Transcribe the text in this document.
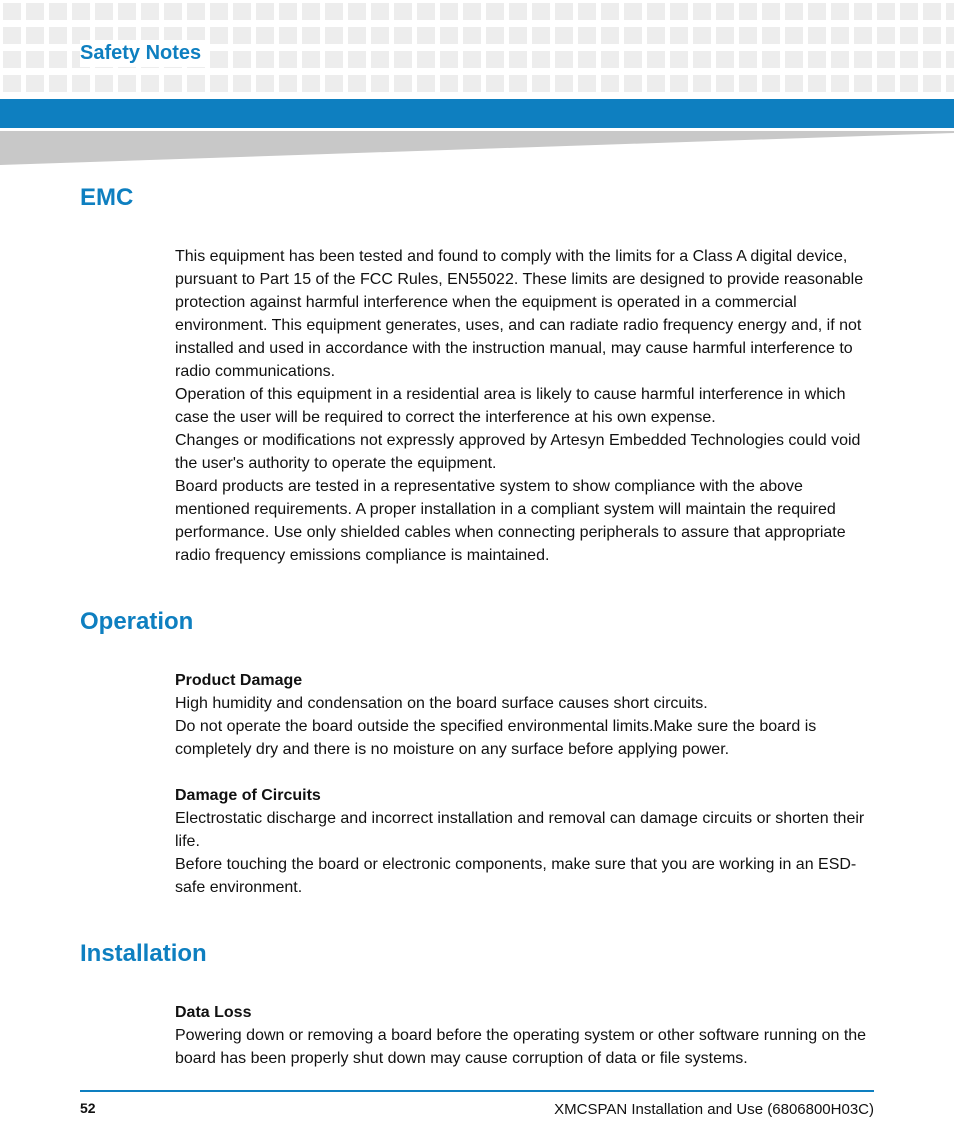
Safety Notes
EMC

This equipment has been tested and found to comply with the limits for a Class A digital device, pursuant to Part 15 of the FCC Rules, EN55022. These limits are designed to provide reasonable protection against harmful interference when the equipment is operated in a commercial environment. This equipment generates, uses, and can radiate radio frequency energy and, if not installed and used in accordance with the instruction manual, may cause harmful interference to radio communications.

Operation of this equipment in a residential area is likely to cause harmful interference in which case the user will be required to correct the interference at his own expense.

Changes or modifications not expressly approved by Artesyn Embedded Technologies could void the user's authority to operate the equipment.

Board products are tested in a representative system to show compliance with the above mentioned requirements. A proper installation in a compliant system will maintain the required performance. Use only shielded cables when connecting peripherals to assure that appropriate radio frequency emissions compliance is maintained.

Operation

Product Damage

High humidity and condensation on the board surface causes short circuits.

Do not operate the board outside the specified environmental limits.Make sure the board is completely dry and there is no moisture on any surface before applying power.

Damage of Circuits

Electrostatic discharge and incorrect installation and removal can damage circuits or shorten their life.

Before touching the board or electronic components, make sure that you are working in an ESD-safe environment.

Installation

Data Loss

Powering down or removing a board before the operating system or other software running on the board has been properly shut down may cause corruption of data or file systems.

52	XMCSPAN Installation and Use (6806800H03C)
